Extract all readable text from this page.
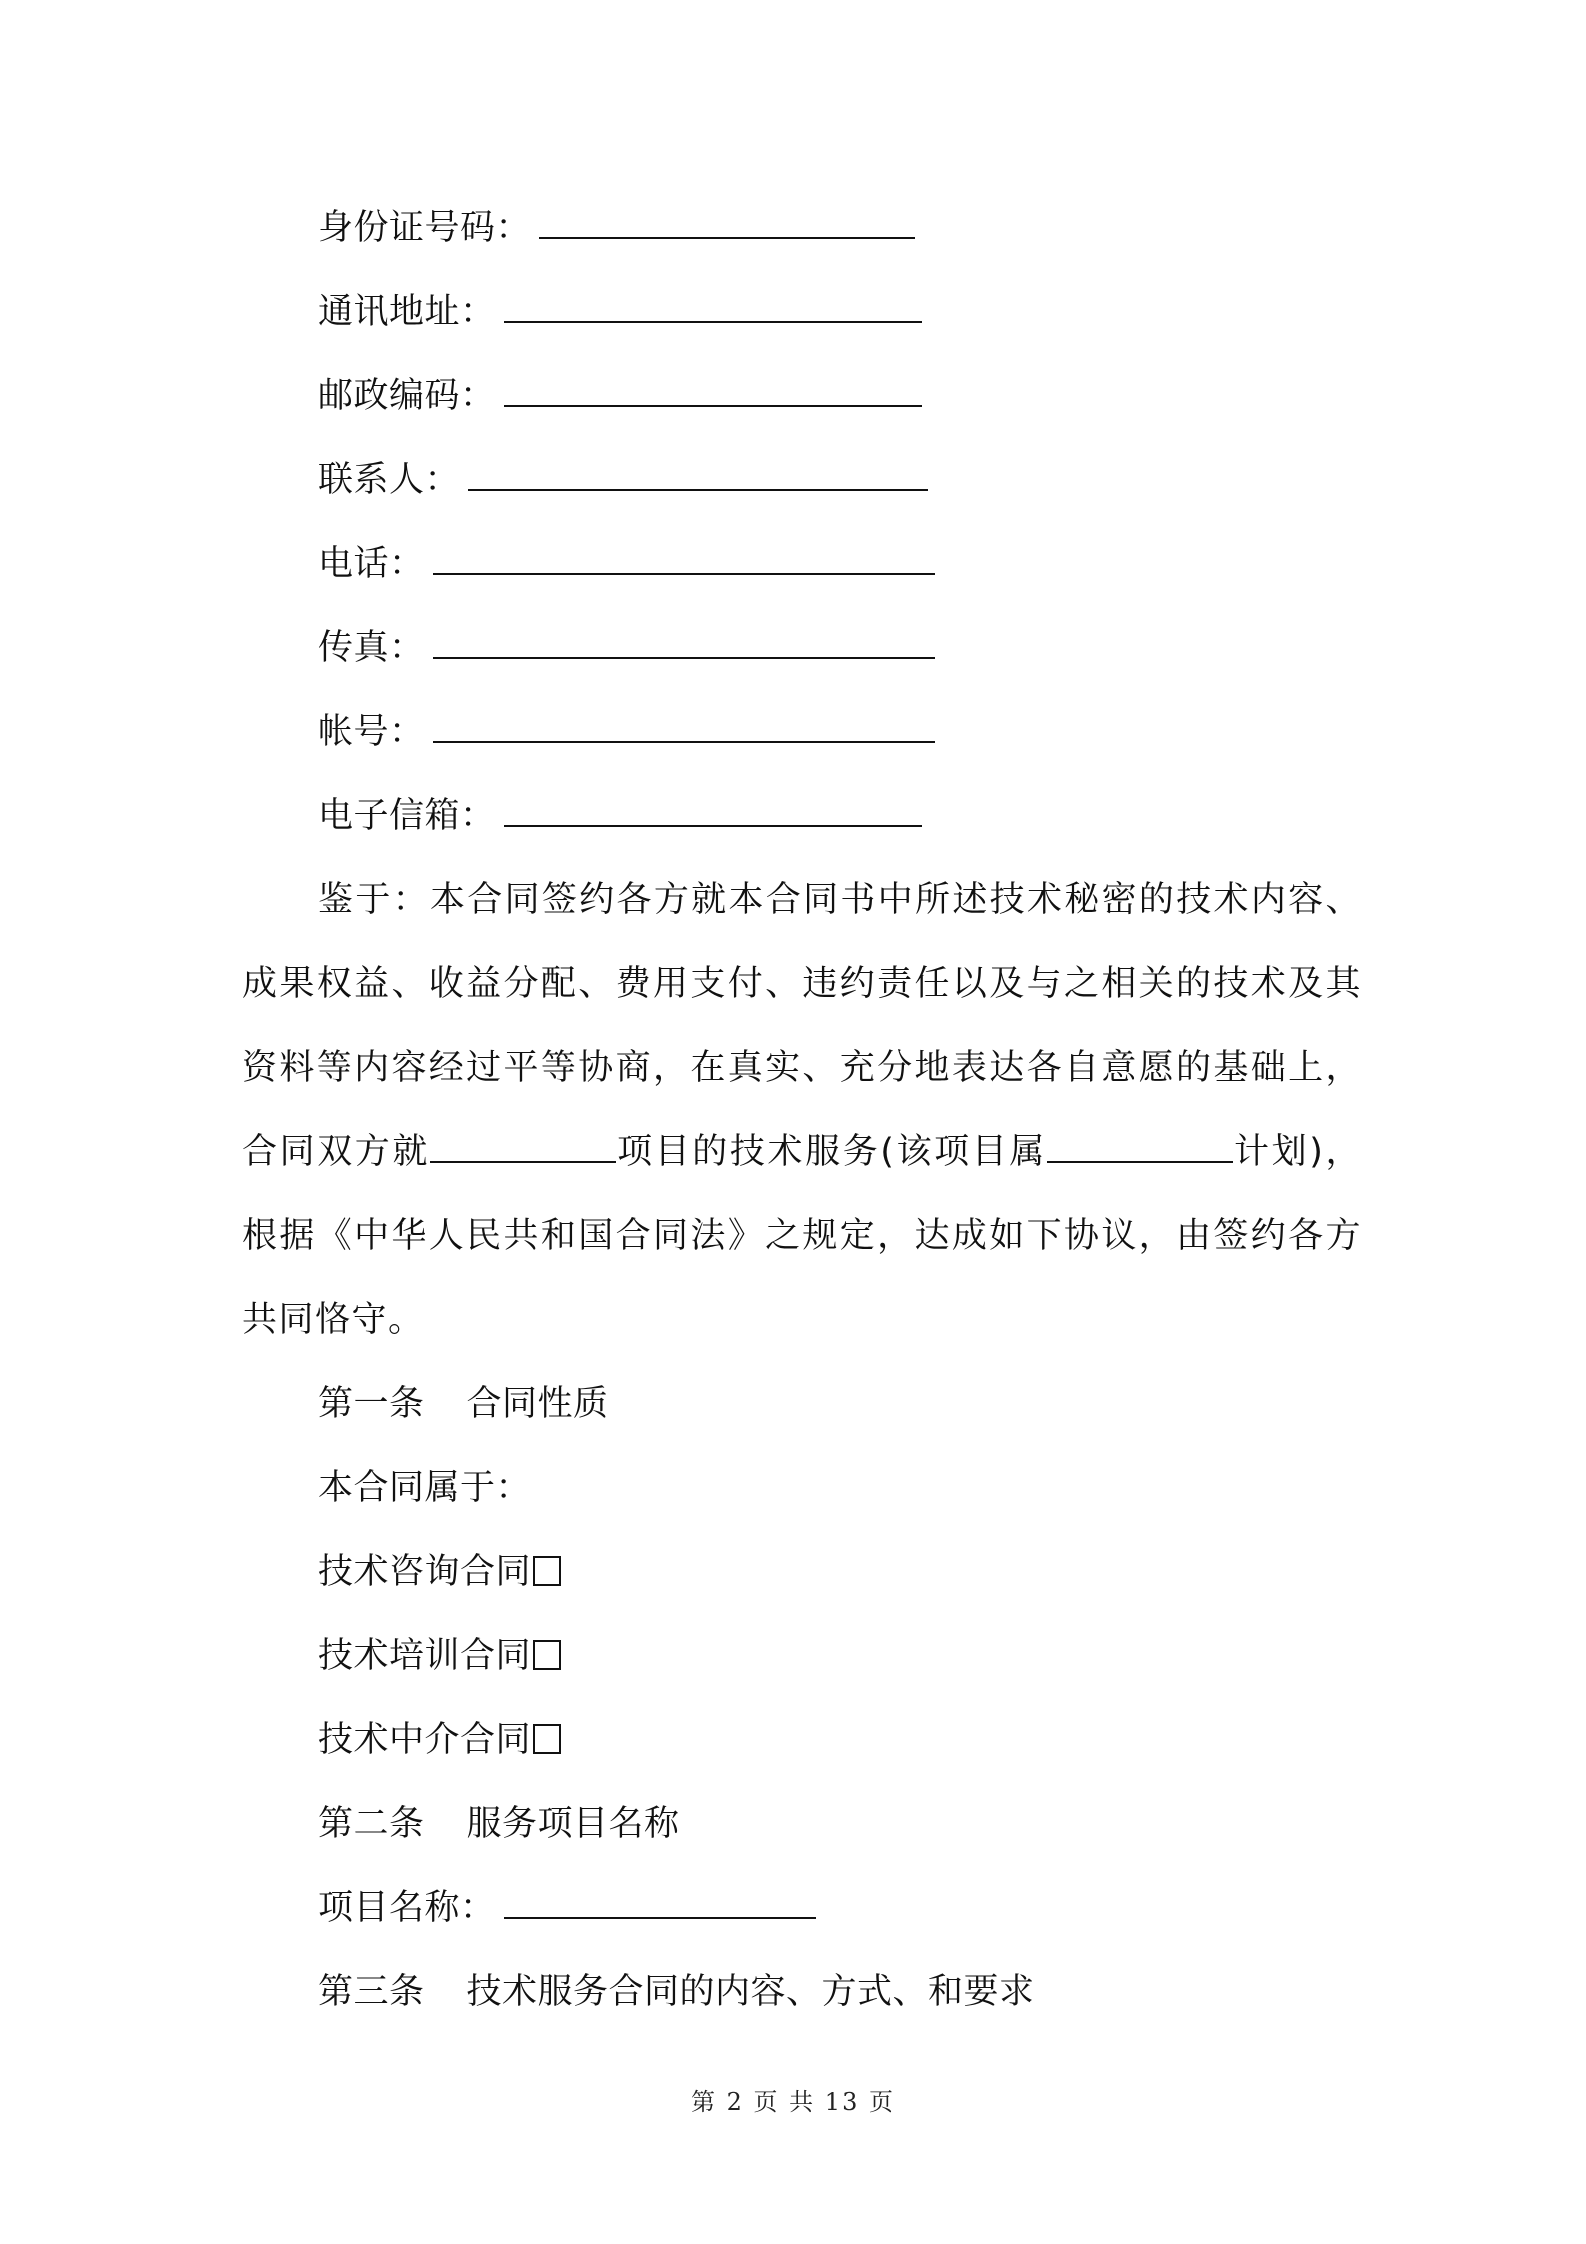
身份证号码：
通讯地址：
邮政编码：
联系人：
电话：
传真：
帐号：
电子信箱：
鉴于：本合同签约各方就本合同书中所述技术秘密的技术内容、成果权益、收益分配、费用支付、违约责任以及与之相关的技术及其资料等内容经过平等协商，在真实、充分地表达各自意愿的基础上，合同双方就	项目的技术服务(该项目属	计划)，根据《中华人民共和国合同法》之规定，达成如下协议，由签约各方共同恪守。
第一条 合同性质
本合同属于：
技术咨询合同
技术培训合同
技术中介合同
第二条 服务项目名称
项目名称：
第三条 技术服务合同的内容、方式、和要求
第 2 页 共 13 页
